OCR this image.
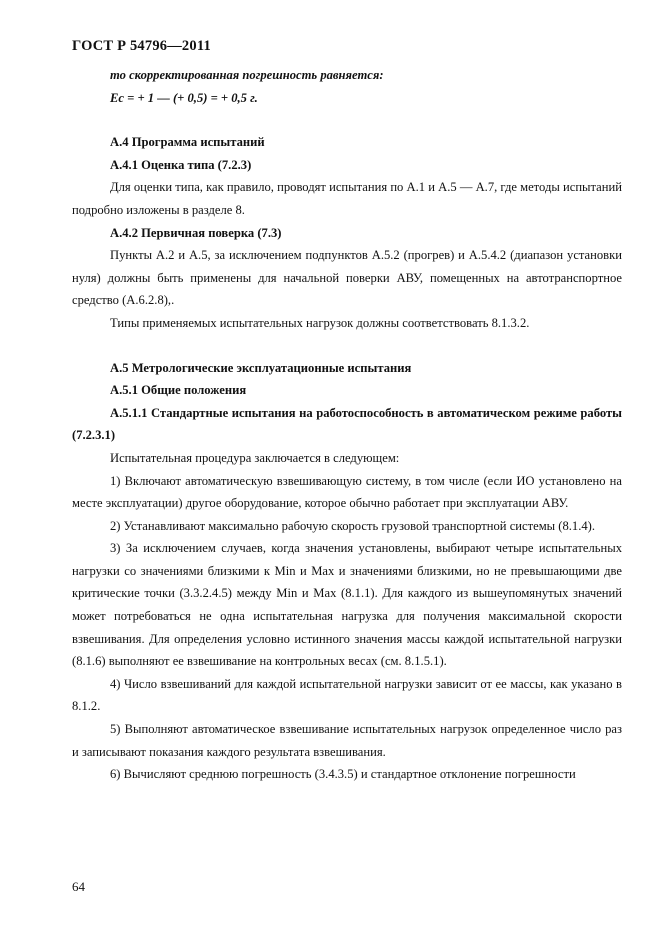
ГОСТ Р 54796—2011

то скорректированная погрешность равняется:

Ec = + 1 — (+ 0,5) = + 0,5 г.

А.4 Программа испытаний

А.4.1 Оценка типа (7.2.3)

Для оценки типа, как правило, проводят испытания по А.1 и А.5 — А.7, где методы испытаний подробно изложены в разделе 8.

А.4.2 Первичная поверка (7.3)

Пункты А.2 и А.5, за исключением подпунктов А.5.2 (прогрев) и А.5.4.2 (диапазон установки нуля) должны быть применены для начальной поверки АВУ, помещенных на автотранспортное средство (А.6.2.8),.

Типы применяемых испытательных нагрузок должны соответствовать 8.1.3.2.

А.5 Метрологические эксплуатационные испытания

А.5.1 Общие положения

А.5.1.1 Стандартные испытания на работоспособность в автоматическом режиме работы (7.2.3.1)

Испытательная процедура заключается в следующем:

1) Включают автоматическую взвешивающую систему, в том числе (если ИО установлено на месте эксплуатации) другое оборудование, которое обычно работает при эксплуатации АВУ.

2) Устанавливают максимально рабочую скорость грузовой транспортной системы (8.1.4).

3) За исключением случаев, когда значения установлены, выбирают четыре испытательных нагрузки со значениями близкими к Min и Max и значениями близкими, но не превышающими две критические точки (3.3.2.4.5) между Min и Max (8.1.1). Для каждого из вышеупомянутых значений может потребоваться не одна испытательная нагрузка для получения максимальной скорости взвешивания. Для определения условно истинного значения массы каждой испытательной нагрузки (8.1.6) выполняют ее взвешивание на контрольных весах (см. 8.1.5.1).

4) Число взвешиваний для каждой испытательной нагрузки зависит от ее массы, как указано в 8.1.2.

5) Выполняют автоматическое взвешивание испытательных нагрузок определенное число раз и записывают показания каждого результата взвешивания.

6) Вычисляют среднюю погрешность (3.4.3.5) и стандартное отклонение погрешности

64
